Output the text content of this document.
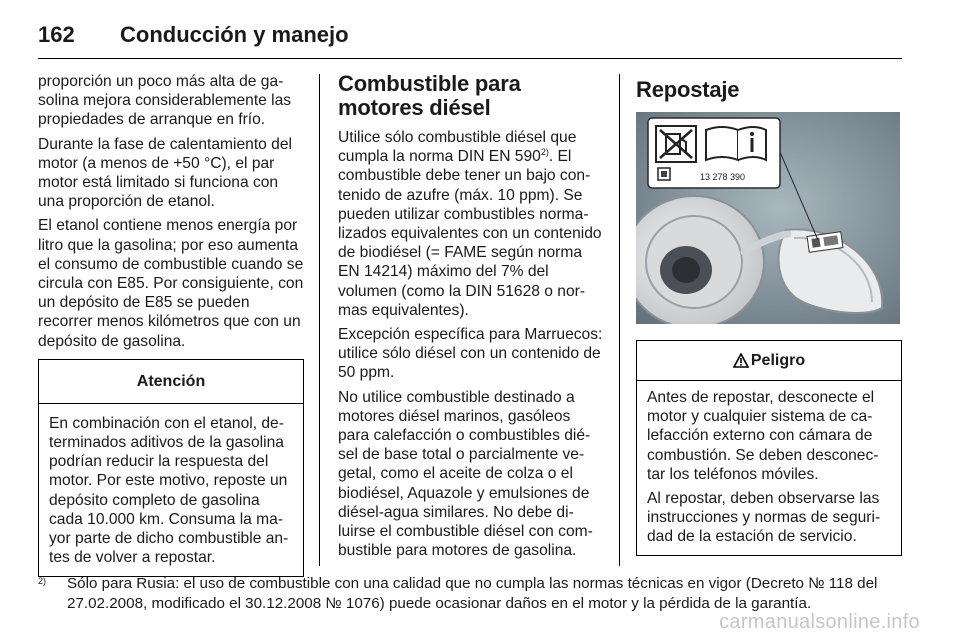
162 Conducción y manejo

proporción un poco más alta de gasolina mejora considerablemente las propiedades de arranque en frío.

Durante la fase de calentamiento del motor (a menos de +50 °C), el par motor está limitado si funciona con una proporción de etanol.

El etanol contiene menos energía por litro que la gasolina; por eso aumenta el consumo de combustible cuando se circula con E85. Por consiguiente, con un depósito de E85 se pueden recorrer menos kilómetros que con un depósito de gasolina.

Atención

En combinación con el etanol, determinados aditivos de la gasolina podrían reducir la respuesta del motor. Por este motivo, reposte un depósito completo de gasolina cada 10.000 km. Consuma la mayor parte de dicho combustible antes de volver a repostar.

Combustible para motores diésel

Utilice sólo combustible diésel que cumpla la norma DIN EN 590$^{2)}$. El combustible debe tener un bajo contenido de azufre (máx. 10 ppm). Se pueden utilizar combustibles normalizados equivalentes con un contenido de biodiésel (= FAME según norma EN 14214) máximo del 7% del volumen (como la DIN 51628 o normas equivalentes).

Excepción específica para Marruecos: utilice sólo diésel con un contenido de 50 ppm.

No utilice combustible destinado a motores diésel marinos, gasóleos para calefacción o combustibles diésel de base total o parcialmente vegetal, como el aceite de colza o el biodiésel, Aquazole y emulsiones de diésel-agua similares. No debe diluirse el combustible diésel con combustible para motores de gasolina.

Repostaje
13 278 390
Peligro

Antes de repostar, desconecte el motor y cualquier sistema de calefacción externo con cámara de combustión. Se deben desconectar los teléfonos móviles.

Al repostar, deben observarse las instrucciones y normas de seguridad de la estación de servicio.

2) Sólo para Rusia: el uso de combustible con una calidad que no cumpla las normas técnicas en vigor (Decreto № 118 del 27.02.2008, modificado el 30.12.2008 № 1076) puede ocasionar daños en el motor y la pérdida de la garantía.
carmanualsonline.info
